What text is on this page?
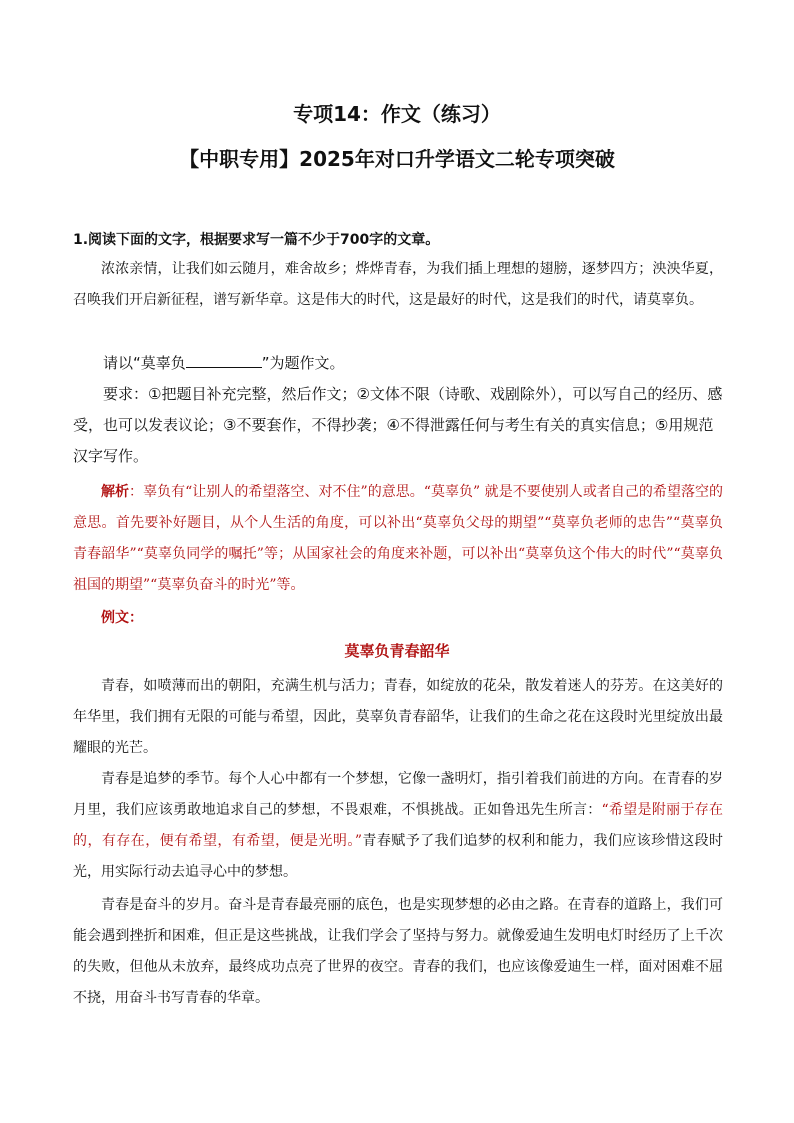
专项14：作文（练习）
【中职专用】2025年对口升学语文二轮专项突破
1.阅读下面的文字，根据要求写一篇不少于700字的文章。
浓浓亲情，让我们如云随月，难舍故乡；烨烨青春，为我们插上理想的翅膀，逐梦四方；泱泱华夏，召唤我们开启新征程，谱写新华章。这是伟大的时代，这是最好的时代，这是我们的时代，请莫辜负。
请以“莫辜负	”为题作文。
要求：①把题目补充完整，然后作文；②文体不限（诗歌、戏剧除外），可以写自己的经历、感受，也可以发表议论；③不要套作，不得抄袭；④不得泄露任何与考生有关的真实信息；⑤用规范汉字写作。
解析：辜负有“让别人的希望落空、对不住”的意思。“莫辜负” 就是不要使别人或者自己的希望落空的意思。首先要补好题目，从个人生活的角度，可以补出“莫辜负父母的期望”“莫辜负老师的忠告”“莫辜负青春韶华”“莫辜负同学的嘱托”等；从国家社会的角度来补题，可以补出“莫辜负这个伟大的时代”“莫辜负祖国的期望”“莫辜负奋斗的时光”等。
例文：
莫辜负青春韶华
青春，如喷薄而出的朝阳，充满生机与活力；青春，如绽放的花朵，散发着迷人的芬芳。在这美好的年华里，我们拥有无限的可能与希望，因此，莫辜负青春韶华，让我们的生命之花在这段时光里绽放出最耀眼的光芒。
青春是追梦的季节。每个人心中都有一个梦想，它像一盏明灯，指引着我们前进的方向。在青春的岁月里，我们应该勇敢地追求自己的梦想，不畏艰难，不惧挑战。正如鲁迅先生所言：“希望是附丽于存在的，有存在，便有希望，有希望，便是光明。”青春赋予了我们追梦的权利和能力，我们应该珍惜这段时光，用实际行动去追寻心中的梦想。
青春是奋斗的岁月。奋斗是青春最亮丽的底色，也是实现梦想的必由之路。在青春的道路上，我们可能会遇到挫折和困难，但正是这些挑战，让我们学会了坚持与努力。就像爱迪生发明电灯时经历了上千次的失败，但他从未放弃，最终成功点亮了世界的夜空。青春的我们，也应该像爱迪生一样，面对困难不屈不挠，用奋斗书写青春的华章。
